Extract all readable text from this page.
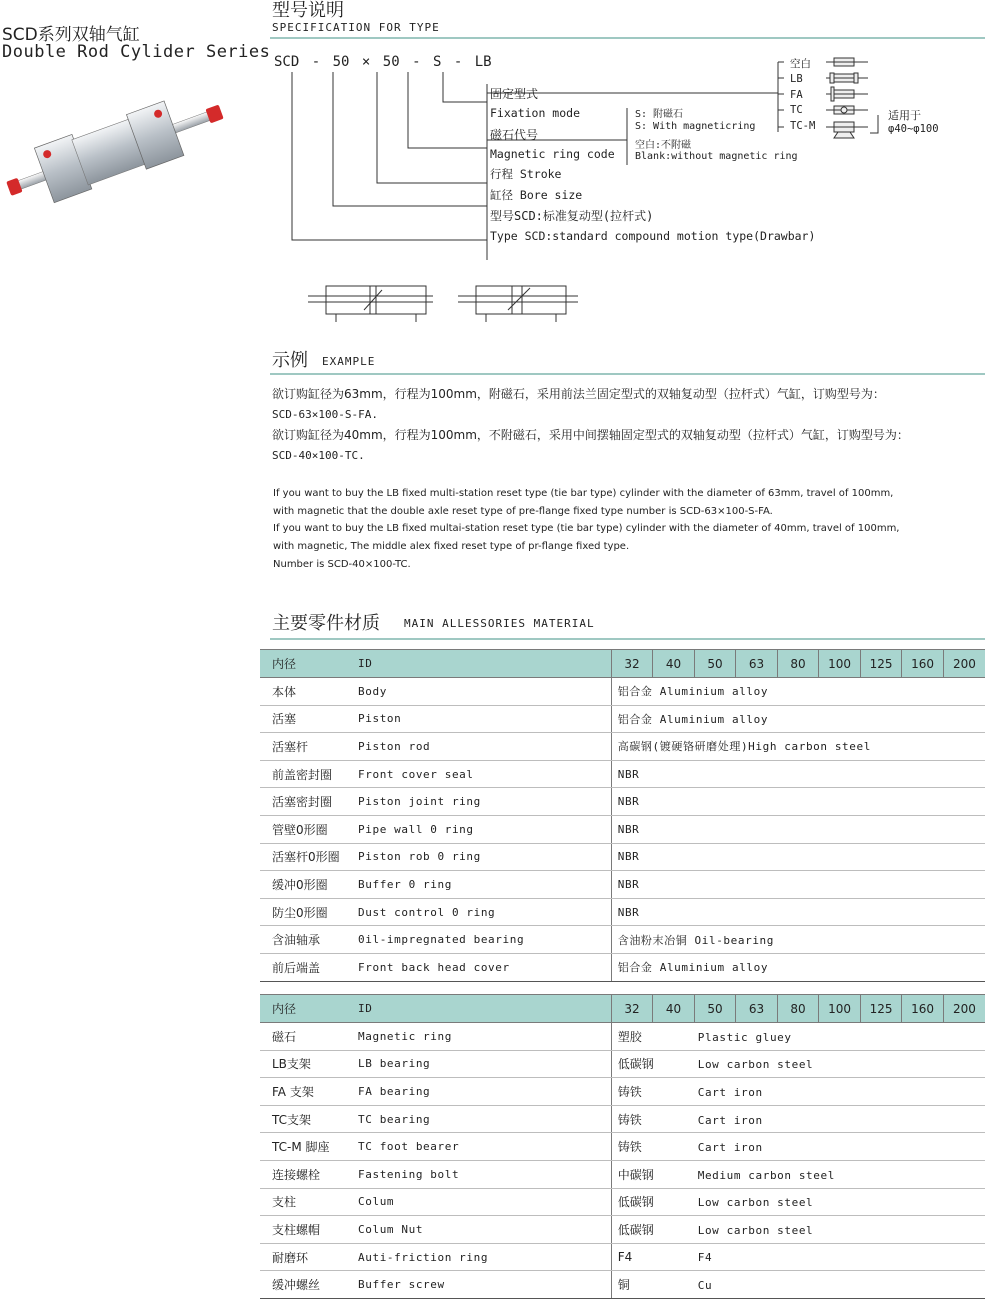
SCD系列双轴气缸
Double Rod Cylider Series
型号说明
SPECIFICATION FOR TYPE
SCD - 50 × 50 - S - LB
固定型式
Fixation mode
磁石代号
Magnetic ring code
行程 Stroke
缸径 Bore size
型号SCD:标准复动型(拉杆式)
Type SCD:standard compound motion type(Drawbar)
S: 附磁石
S: With magneticring
空白:不附磁
Blank:without magnetic ring
空白
LB
FA
TC
TC-M
适用于
φ40~φ100
示例 EXAMPLE
欲订购缸径为63mm，行程为100mm，附磁石，采用前法兰固定型式的双轴复动型（拉杆式）气缸，订购型号为：
SCD-63×100-S-FA.
欲订购缸径为40mm，行程为100mm，不附磁石，采用中间摆轴固定型式的双轴复动型（拉杆式）气缸，订购型号为：
SCD-40×100-TC.
If you want to buy the LB fixed multi-station reset type (tie bar type) cylinder with the diameter of 63mm, travel of 100mm,
with magnetic that the double axle reset type of pre-flange fixed type number is SCD-63×100-S-FA.
If you want to buy the LB fixed multai-station reset type (tie bar type) cylinder with the diameter of 40mm, travel of 100mm,
with magnetic, The middle alex fixed reset type of pr-flange fixed type.
Number is SCD-40×100-TC.
主要零件材质 MAIN ALLESSORIES MATERIAL
内径	ID	32	40	50	63	80	100	125	160	200
本体	Body	铝合金 Aluminium alloy								
活塞	Piston	铝合金 Aluminium alloy								
活塞杆	Piston rod	高碳钢(镀硬铬研磨处理)High carbon steel								
前盖密封圈	Front cover seal	NBR								
活塞密封圈	Piston joint ring	NBR								
管壁0形圈	Pipe wall 0 ring	NBR								
活塞杆0形圈	Piston rob 0 ring	NBR								
缓冲0形圈	Buffer 0 ring	NBR								
防尘0形圈	Dust control 0 ring	NBR								
含油轴承	0il-impregnated bearing	含油粉末冶铜 Oil-bearing								
前后端盖	Front back head cover	铝合金 Aluminium alloy								
内径	ID	32	40	50	63	80	100	125	160	200
磁石	Magnetic ring	塑胶 Plastic gluey								
LB支架	LB bearing	低碳钢 Low carbon steel								
FA 支架	FA bearing	铸铁 Cart iron								
TC支架	TC bearing	铸铁 Cart iron								
TC-M 脚座	TC foot bearer	铸铁 Cart iron								
连接螺栓	Fastening bolt	中碳钢 Medium carbon steel								
支柱	Colum	低碳钢 Low carbon steel								
支柱螺帽	Colum Nut	低碳钢 Low carbon steel								
耐磨环	Auti-friction ring	F4 F4								
缓冲螺丝	Buffer screw	铜 Cu								
